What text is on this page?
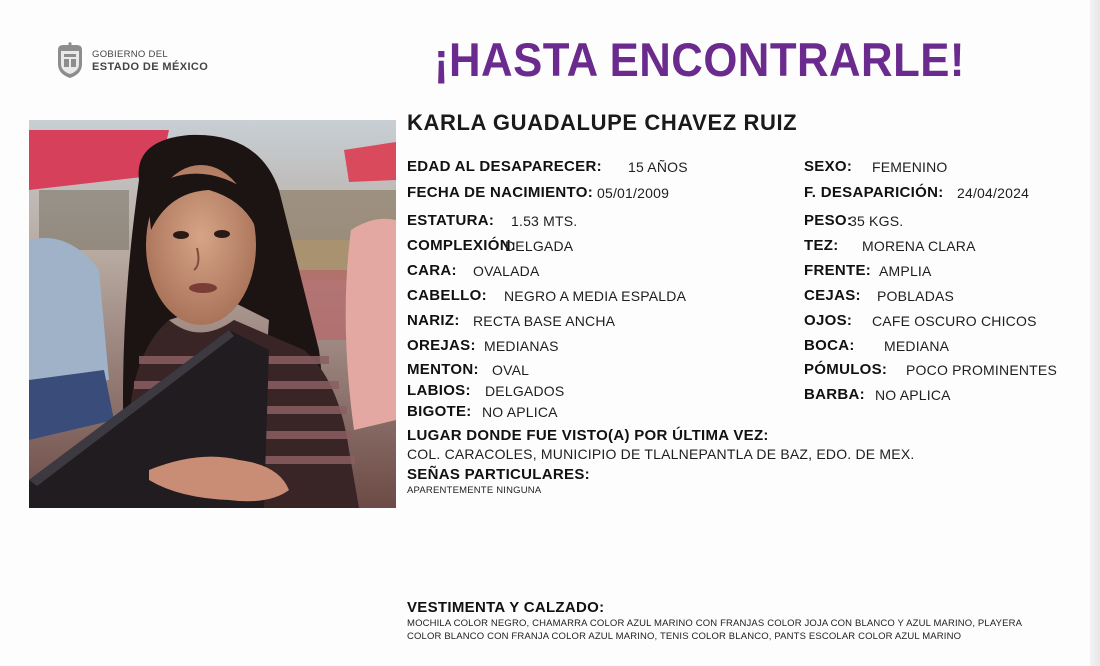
GOBIERNO DEL
ESTADO DE MÉXICO	¡HASTA ENCONTRARLE!
KARLA GUADALUPE CHAVEZ RUIZ
EDAD AL DESAPARECER: 15 AÑOS
FECHA DE NACIMIENTO: 05/01/2009
ESTATURA: 1.53 MTS.
COMPLEXIÓN:
DELGADA
CARA: OVALADA
CABELLO: NEGRO A MEDIA ESPALDA
NARIZ: RECTA BASE ANCHA
OREJAS: MEDIANAS
MENTON: OVAL
LABIOS: DELGADOS
BIGOTE: NO APLICA
SEXO: FEMENINO
F. DESAPARICIÓN: 24/04/2024
PESO:
35 KGS.
TEZ: MORENA CLARA
FRENTE: AMPLIA
CEJAS: POBLADAS
OJOS: CAFE OSCURO CHICOS
BOCA: MEDIANA
PÓMULOS: POCO PROMINENTES
BARBA: NO APLICA
LUGAR DONDE FUE VISTO(A) POR ÚLTIMA VEZ:
COL. CARACOLES, MUNICIPIO DE TLALNEPANTLA DE BAZ, EDO. DE MEX.
SEÑAS PARTICULARES:
APARENTEMENTE NINGUNA
VESTIMENTA Y CALZADO:
MOCHILA COLOR NEGRO, CHAMARRA COLOR AZUL MARINO CON FRANJAS COLOR JOJA CON BLANCO Y AZUL MARINO, PLAYERA COLOR BLANCO CON FRANJA COLOR AZUL MARINO, TENIS COLOR BLANCO, PANTS ESCOLAR COLOR AZUL MARINO
